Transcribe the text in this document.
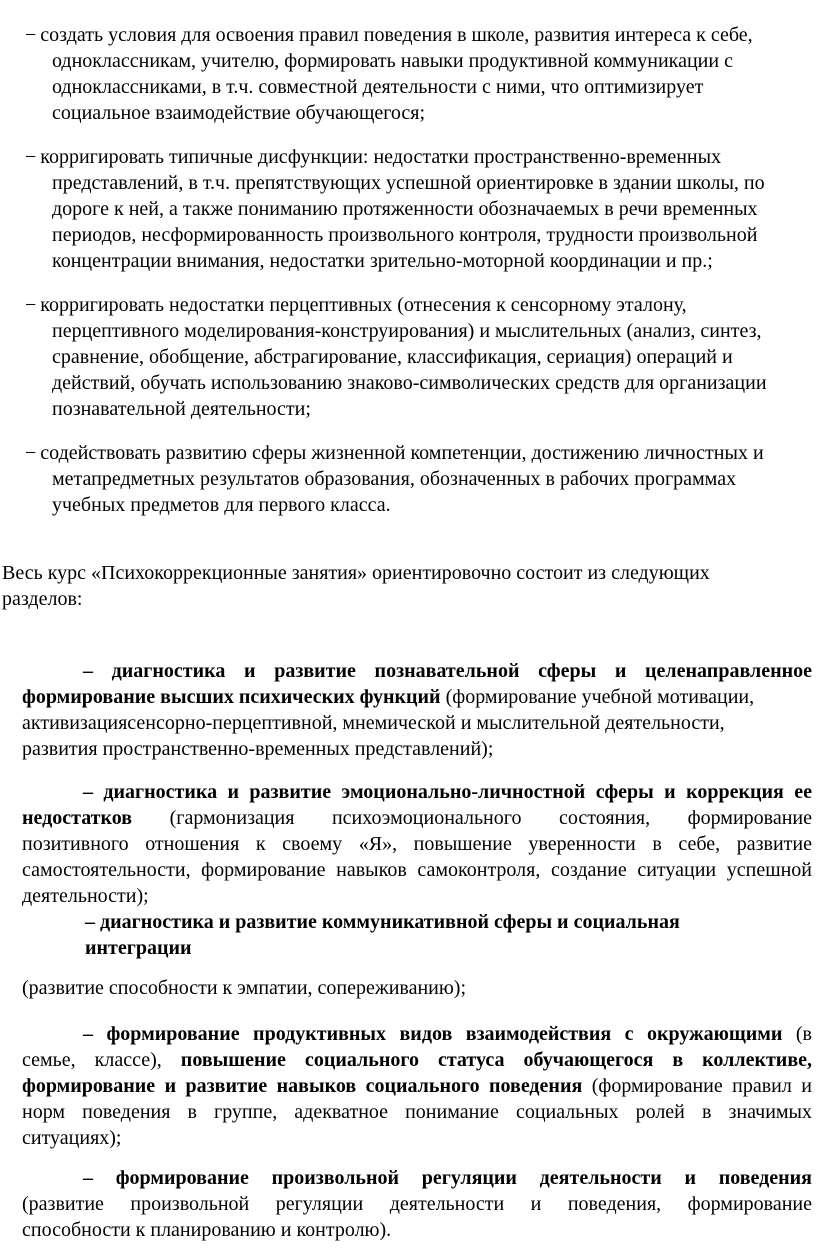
− создать условия для освоения правил поведения в школе, развития интереса к себе,
одноклассникам, учителю, формировать навыки продуктивной коммуникации с
одноклассниками, в т.ч. совместной деятельности с ними, что оптимизирует
социальное взаимодействие обучающегося;
− корригировать типичные дисфункции: недостатки пространственно-временных
представлений, в т.ч. препятствующих успешной ориентировке в здании школы, по
дороге к ней, а также пониманию протяженности обозначаемых в речи временных
периодов, несформированность произвольного контроля, трудности произвольной
концентрации внимания, недостатки зрительно-моторной координации и пр.;
− корригировать недостатки перцептивных (отнесения к сенсорному эталону,
перцептивного моделирования-конструирования) и мыслительных (анализ, синтез,
сравнение, обобщение, абстрагирование, классификация, сериация) операций и
действий, обучать использованию знаково-символических средств для организации
познавательной деятельности;
− содействовать развитию сферы жизненной компетенции, достижению личностных и
метапредметных результатов образования, обозначенных в рабочих программах
учебных предметов для первого класса.
Весь курс «Психокоррекционные занятия» ориентировочно состоит из следующих
разделов:
– диагностика и развитие познавательной сферы и целенаправленное
формирование высших психических функций (формирование учебной мотивации,
активизациясенсорно-перцептивной, мнемической и мыслительной деятельности,
развития пространственно-временных представлений);
– диагностика и развитие эмоционально-личностной сферы и коррекция ее
недостатков (гармонизация психоэмоционального состояния, формирование
позитивного отношения к своему «Я», повышение уверенности в себе, развитие
самостоятельности, формирование навыков самоконтроля, создание ситуации успешной
деятельности);
– диагностика и развитие коммуникативной сферы и социальная
интеграции
(развитие способности к эмпатии, сопереживанию);
– формирование продуктивных видов взаимодействия с окружающими (в
семье, классе), повышение социального статуса обучающегося в коллективе,
формирование и развитие навыков социального поведения (формирование правил и
норм поведения в группе, адекватное понимание социальных ролей в значимых
ситуациях);
– формирование произвольной регуляции деятельности и поведения
(развитие произвольной регуляции деятельности и поведения, формирование
способности к планированию и контролю).
